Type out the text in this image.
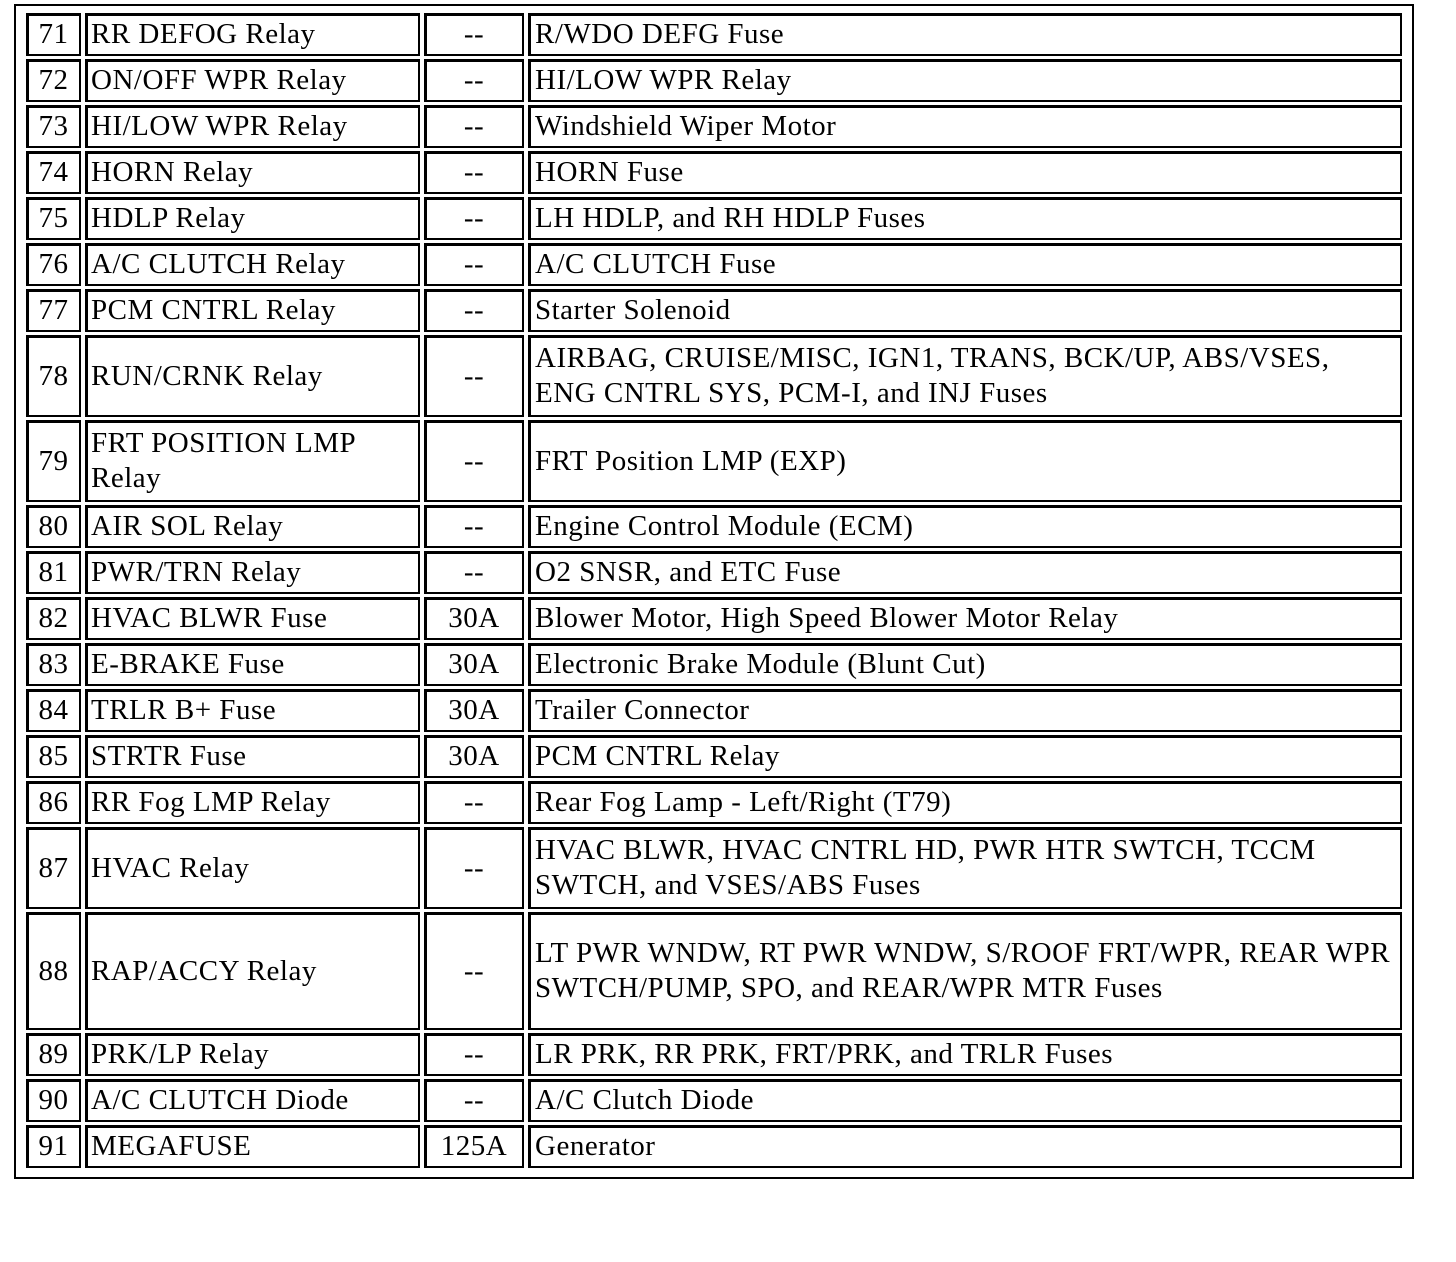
71	RR DEFOG Relay	--	R/WDO DEFG Fuse
72	ON/OFF WPR Relay	--	HI/LOW WPR Relay
73	HI/LOW WPR Relay	--	Windshield Wiper Motor
74	HORN Relay	--	HORN Fuse
75	HDLP Relay	--	LH HDLP, and RH HDLP Fuses
76	A/C CLUTCH Relay	--	A/C CLUTCH Fuse
77	PCM CNTRL Relay	--	Starter Solenoid
78	RUN/CRNK Relay	--	AIRBAG, CRUISE/MISC, IGN1, TRANS, BCK/UP, ABS/VSES, ENG CNTRL SYS, PCM-I, and INJ Fuses
79	FRT POSITION LMP Relay	--	FRT Position LMP (EXP)
80	AIR SOL Relay	--	Engine Control Module (ECM)
81	PWR/TRN Relay	--	O2 SNSR, and ETC Fuse
82	HVAC BLWR Fuse	30A	Blower Motor, High Speed Blower Motor Relay
83	E-BRAKE Fuse	30A	Electronic Brake Module (Blunt Cut)
84	TRLR B+ Fuse	30A	Trailer Connector
85	STRTR Fuse	30A	PCM CNTRL Relay
86	RR Fog LMP Relay	--	Rear Fog Lamp - Left/Right (T79)
87	HVAC Relay	--	HVAC BLWR, HVAC CNTRL HD, PWR HTR SWTCH, TCCM SWTCH, and VSES/ABS Fuses
88	RAP/ACCY Relay	--	LT PWR WNDW, RT PWR WNDW, S/ROOF FRT/WPR, REAR WPR SWTCH/PUMP, SPO, and REAR/WPR MTR Fuses
89	PRK/LP Relay	--	LR PRK, RR PRK, FRT/PRK, and TRLR Fuses
90	A/C CLUTCH Diode	--	A/C Clutch Diode
91	MEGAFUSE	125A	Generator
